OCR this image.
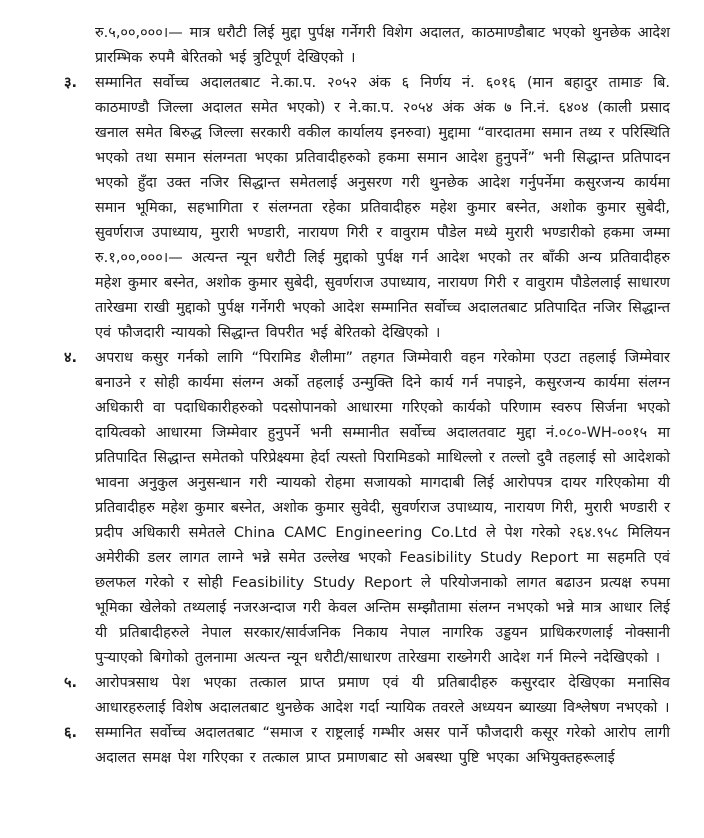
रु.५,००,०००।— मात्र धरौटी लिई मुद्दा पुर्पक्ष गर्नेगरी विशेग अदालत, काठमाण्डौबाट भएको थुनछेक आदेश प्रारम्भिक रुपमै बेरितको भई त्रुटिपूर्ण देखिएको ।

३.	सम्मानित सर्वोच्च अदालतबाट ने.का.प. २०५२ अंक ६ निर्णय नं. ६०१६ (मान बहादुर तामाङ बि. काठमाण्डौ जिल्ला अदालत समेत भएको) र ने.का.प. २०५४ अंक अंक ७ नि.नं. ६४०४ (काली प्रसाद खनाल समेत बिरुद्ध जिल्ला सरकारी वकील कार्यालय इनरुवा) मुद्दामा “वारदातमा समान तथ्य र परिस्थिति भएको तथा समान संलग्नता भएका प्रतिवादीहरुको हकमा समान आदेश हुनुपर्ने” भनी सिद्धान्त प्रतिपादन भएको हुँदा उक्त नजिर सिद्धान्त समेतलाई अनुसरण गरी थुनछेक आदेश गर्नुपर्नेमा कसुरजन्य कार्यमा समान भूमिका, सहभागिता र संलग्नता रहेका प्रतिवादीहरु महेश कुमार बस्नेत, अशोक कुमार सुबेदी, सुवर्णराज उपाध्याय, मुरारी भण्डारी, नारायण गिरी र वावुराम पौडेल मध्ये मुरारी भण्डारीको हकमा जम्मा रु.१,००,०००।— अत्यन्त न्यून धरौटी लिई मुद्दाको पुर्पक्ष गर्न आदेश भएको तर बाँकी अन्य प्रतिवादीहरु महेश कुमार बस्नेत, अशोक कुमार सुबेदी, सुवर्णराज उपाध्याय, नारायण गिरी र वावुराम पौडेललाई साधारण तारेखमा राखी मुद्दाको पुर्पक्ष गर्नेगरी भएको आदेश सम्मानित सर्वोच्च अदालतबाट प्रतिपादित नजिर सिद्धान्त एवं फौजदारी न्यायको सिद्धान्त विपरीत भई बेरितको देखिएको ।

४.	अपराध कसुर गर्नको लागि “पिरामिड शैलीमा” तहगत जिम्मेवारी वहन गरेकोमा एउटा तहलाई जिम्मेवार बनाउने र सोही कार्यमा संलग्न अर्को तहलाई उन्मुक्ति दिने कार्य गर्न नपाइने, कसुरजन्य कार्यमा संलग्न अधिकारी वा पदाधिकारीहरुको पदसोपानको आधारमा गरिएको कार्यको परिणाम स्वरुप सिर्जना भएको दायित्वको आधारमा जिम्मेवार हुनुपर्ने भनी सम्मानीत सर्वोच्च अदालतवाट मुद्दा नं.०८०-WH-००१५ मा प्रतिपादित सिद्धान्त समेतको परिप्रेक्ष्यमा हेर्दा त्यस्तो पिरामिडको माथिल्लो र तल्लो दुवै तहलाई सो आदेशको भावना अनुकुल अनुसन्धान गरी न्यायको रोहमा सजायको मागदाबी लिई आरोपपत्र दायर गरिएकोमा यी प्रतिवादीहरु महेश कुमार बस्नेत, अशोक कुमार सुवेदी, सुवर्णराज उपाध्याय, नारायण गिरी, मुरारी भण्डारी र प्रदीप अधिकारी समेतले China CAMC Engineering Co.Ltd ले पेश गरेको २६४.९५८ मिलियन अमेरीकी डलर लागत लाग्ने भन्ने समेत उल्लेख भएको Feasibility Study Report मा सहमति एवं छलफल गरेको र सोही Feasibility Study Report ले परियोजनाको लागत बढाउन प्रत्यक्ष रुपमा भूमिका खेलेको तथ्यलाई नजरअन्दाज गरी केवल अन्तिम सम्झौतामा संलग्न नभएको भन्ने मात्र आधार लिई यी प्रतिबादीहरुले नेपाल सरकार/सार्वजनिक निकाय नेपाल नागरिक उड्डयन प्राधिकरणलाई नोक्सानी पुऱ्याएको बिगोको तुलनामा अत्यन्त न्यून धरौटी/साधारण तारेखमा राख्नेगरी आदेश गर्न मिल्ने नदेखिएको ।

५.	आरोपत्रसाथ पेश भएका तत्काल प्राप्त प्रमाण एवं यी प्रतिबादीहरु कसुरदार देखिएका मनासिव आधारहरुलाई विशेष अदालतबाट थुनछेक आदेश गर्दा न्यायिक तवरले अध्ययन ब्याख्या विश्लेषण नभएको ।

६.	सम्मानित सर्वोच्च अदालतबाट “समाज र राष्ट्रलाई गम्भीर असर पार्ने फौजदारी कसूर गरेको आरोप लागी अदालत समक्ष पेश गरिएका र तत्काल प्राप्त प्रमाणबाट सो अबस्था पुष्टि भएका अभियुक्तहरूलाई
